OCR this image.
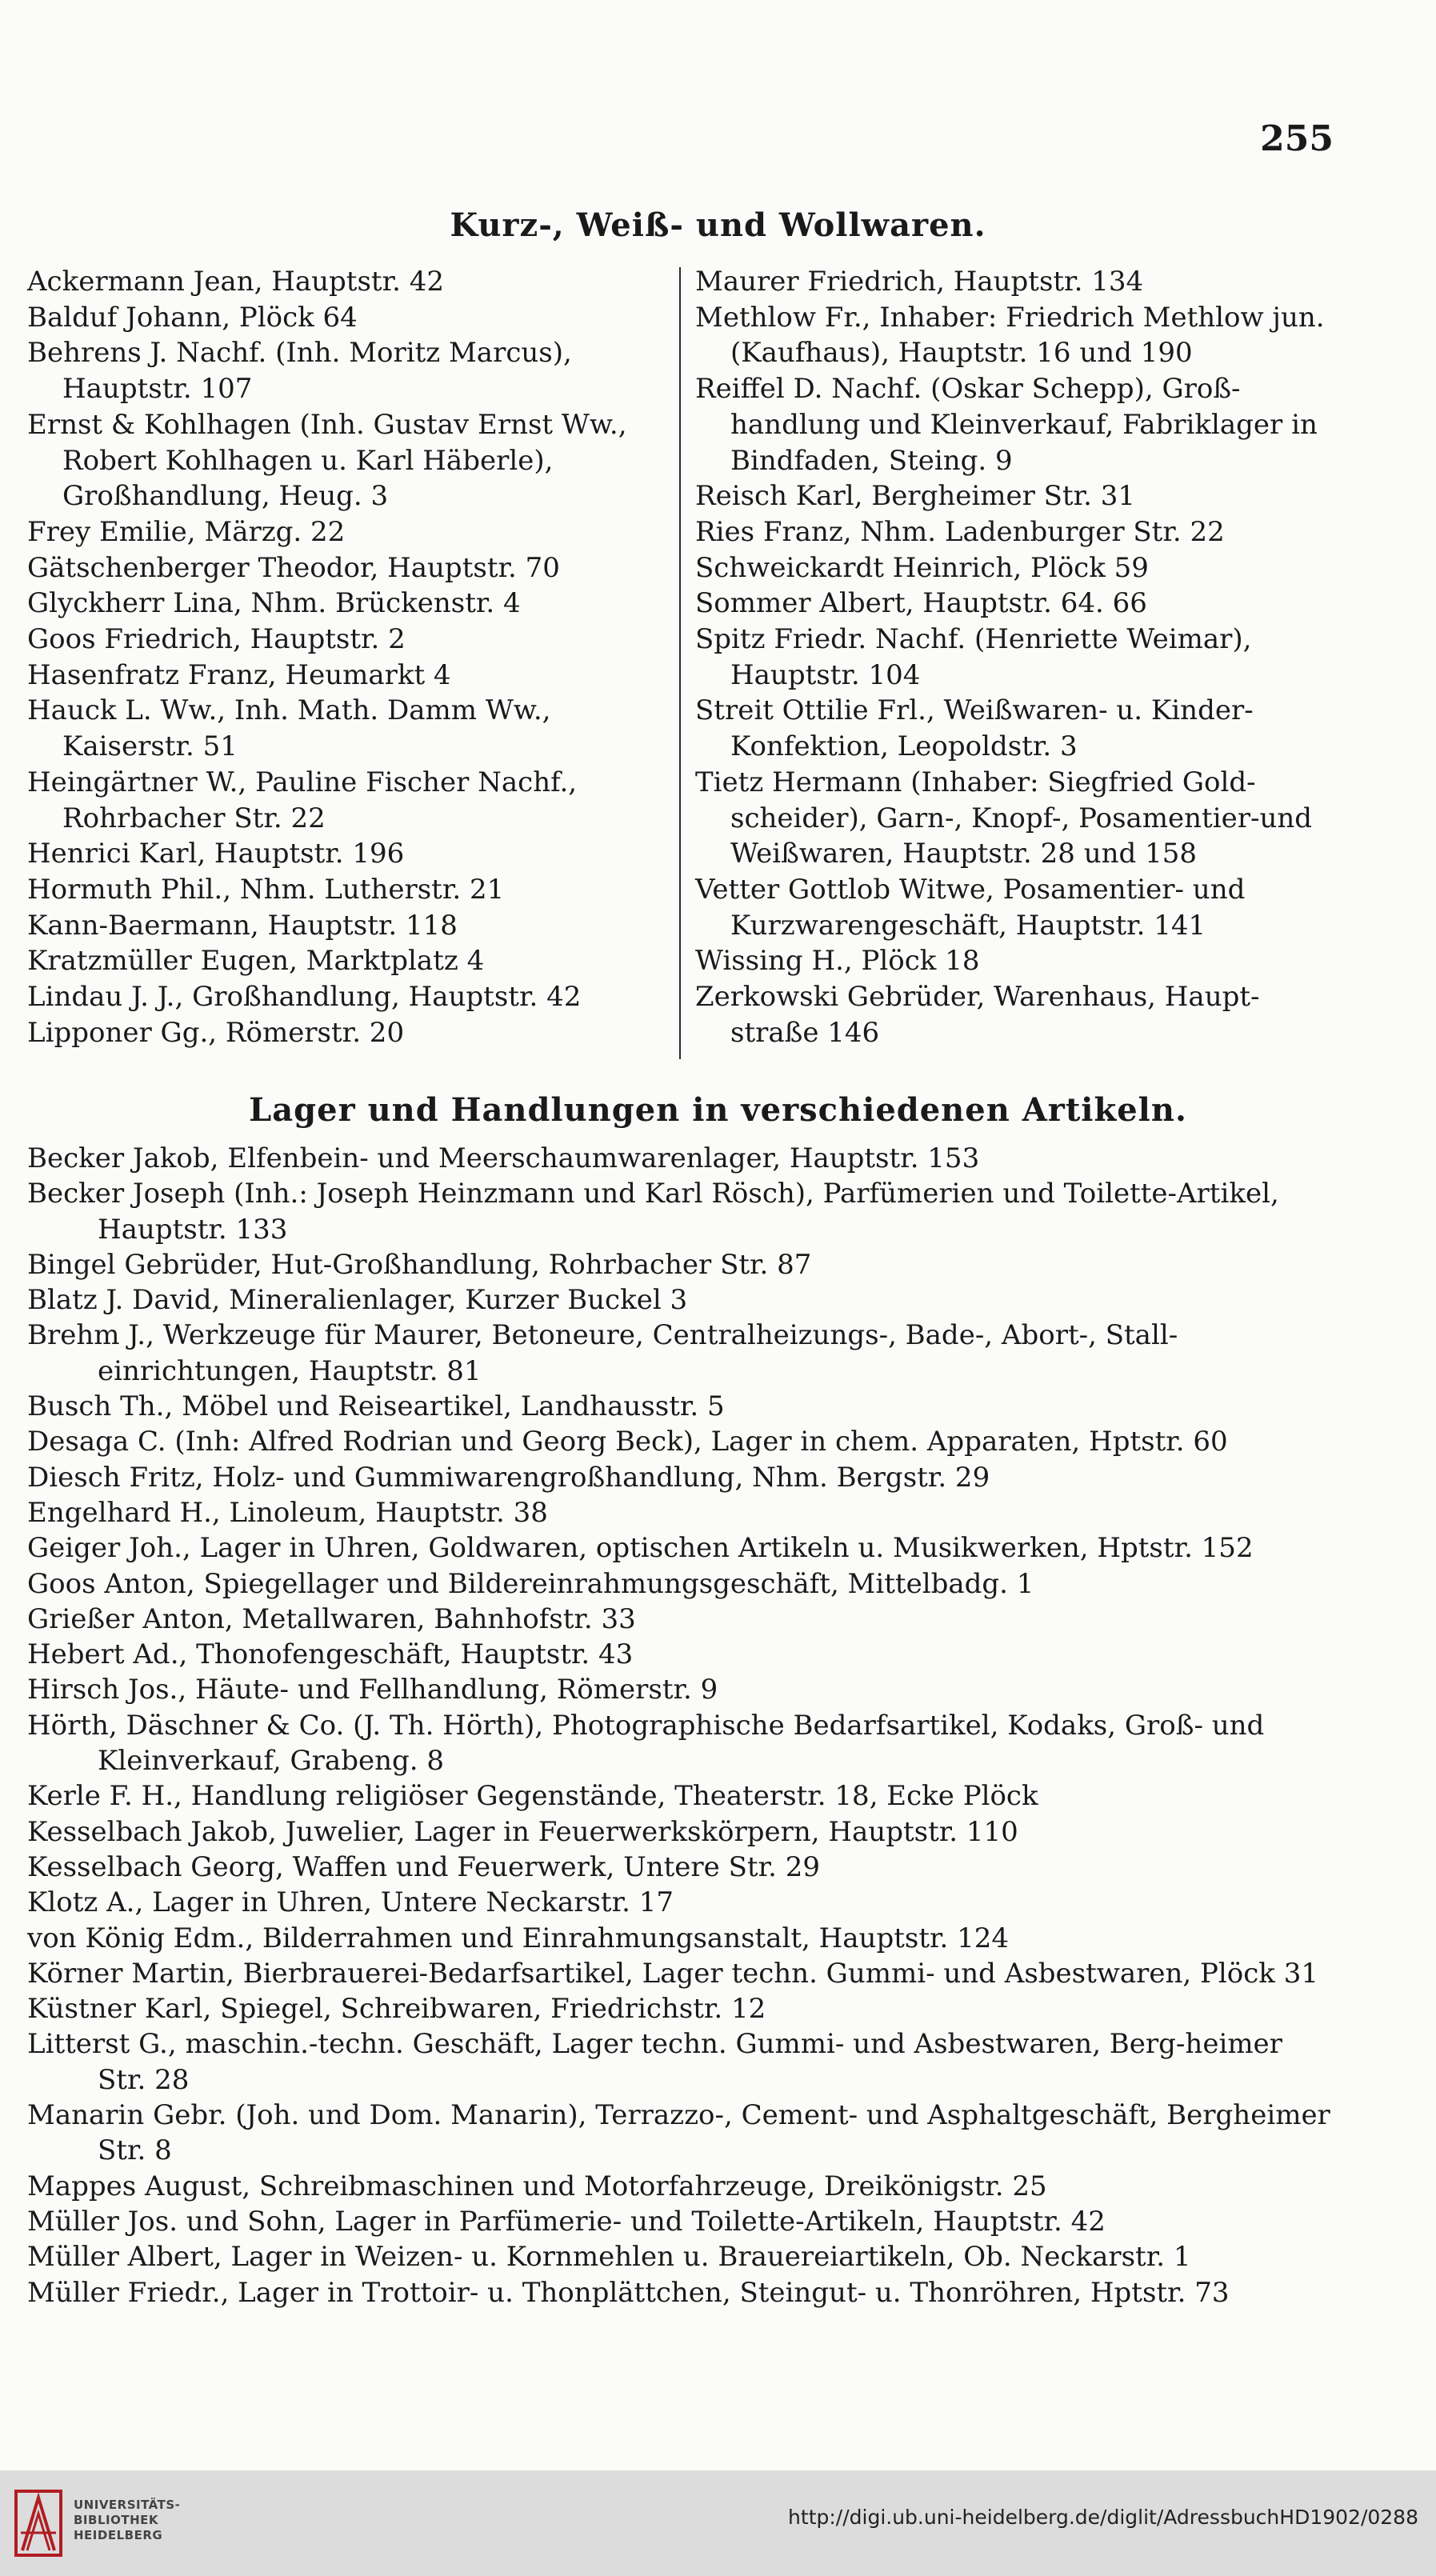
255
Kurz-, Weiß- und Wollwaren.
Ackermann Jean, Hauptstr. 42
Balduf Johann, Plöck 64
Behrens J. Nachf. (Inh. Moritz Marcus), Hauptstr. 107
Ernst & Kohlhagen (Inh. Gustav Ernst Ww., Robert Kohlhagen u. Karl Häberle), Großhandlung, Heug. 3
Frey Emilie, Märzg. 22
Gätschenberger Theodor, Hauptstr. 70
Glyckherr Lina, Nhm. Brückenstr. 4
Goos Friedrich, Hauptstr. 2
Hasenfratz Franz, Heumarkt 4
Hauck L. Ww., Inh. Math. Damm Ww., Kaiserstr. 51
Heingärtner W., Pauline Fischer Nachf., Rohrbacher Str. 22
Henrici Karl, Hauptstr. 196
Hormuth Phil., Nhm. Lutherstr. 21
Kann-Baermann, Hauptstr. 118
Kratzmüller Eugen, Marktplatz 4
Lindau J. J., Großhandlung, Hauptstr. 42
Lipponer Gg., Römerstr. 20
Maurer Friedrich, Hauptstr. 134
Methlow Fr., Inhaber: Friedrich Methlow jun. (Kaufhaus), Hauptstr. 16 und 190
Reiffel D. Nachf. (Oskar Schepp), Groß-handlung und Kleinverkauf, Fabriklager in Bindfaden, Steing. 9
Reisch Karl, Bergheimer Str. 31
Ries Franz, Nhm. Ladenburger Str. 22
Schweickardt Heinrich, Plöck 59
Sommer Albert, Hauptstr. 64. 66
Spitz Friedr. Nachf. (Henriette Weimar), Hauptstr. 104
Streit Ottilie Frl., Weißwaren- u. Kinder-Konfektion, Leopoldstr. 3
Tietz Hermann (Inhaber: Siegfried Gold-scheider), Garn-, Knopf-, Posamentier-und Weißwaren, Hauptstr. 28 und 158
Vetter Gottlob Witwe, Posamentier- und Kurzwarengeschäft, Hauptstr. 141
Wissing H., Plöck 18
Zerkowski Gebrüder, Warenhaus, Haupt-straße 146
Lager und Handlungen in verschiedenen Artikeln.
Becker Jakob, Elfenbein- und Meerschaumwarenlager, Hauptstr. 153
Becker Joseph (Inh.: Joseph Heinzmann und Karl Rösch), Parfümerien und Toilette-Artikel, Hauptstr. 133
Bingel Gebrüder, Hut-Großhandlung, Rohrbacher Str. 87
Blatz J. David, Mineralienlager, Kurzer Buckel 3
Brehm J., Werkzeuge für Maurer, Betoneure, Centralheizungs-, Bade-, Abort-, Stall-einrichtungen, Hauptstr. 81
Busch Th., Möbel und Reiseartikel, Landhausstr. 5
Desaga C. (Inh: Alfred Rodrian und Georg Beck), Lager in chem. Apparaten, Hptstr. 60
Diesch Fritz, Holz- und Gummiwarengroßhandlung, Nhm. Bergstr. 29
Engelhard H., Linoleum, Hauptstr. 38
Geiger Joh., Lager in Uhren, Goldwaren, optischen Artikeln u. Musikwerken, Hptstr. 152
Goos Anton, Spiegellager und Bildereinrahmungsgeschäft, Mittelbadg. 1
Grießer Anton, Metallwaren, Bahnhofstr. 33
Hebert Ad., Thonofengeschäft, Hauptstr. 43
Hirsch Jos., Häute- und Fellhandlung, Römerstr. 9
Hörth, Däschner & Co. (J. Th. Hörth), Photographische Bedarfsartikel, Kodaks, Groß- und Kleinverkauf, Grabeng. 8
Kerle F. H., Handlung religiöser Gegenstände, Theaterstr. 18, Ecke Plöck
Kesselbach Jakob, Juwelier, Lager in Feuerwerkskörpern, Hauptstr. 110
Kesselbach Georg, Waffen und Feuerwerk, Untere Str. 29
Klotz A., Lager in Uhren, Untere Neckarstr. 17
von König Edm., Bilderrahmen und Einrahmungsanstalt, Hauptstr. 124
Körner Martin, Bierbrauerei-Bedarfsartikel, Lager techn. Gummi- und Asbestwaren, Plöck 31
Küstner Karl, Spiegel, Schreibwaren, Friedrichstr. 12
Litterst G., maschin.-techn. Geschäft, Lager techn. Gummi- und Asbestwaren, Berg-heimer Str. 28
Manarin Gebr. (Joh. und Dom. Manarin), Terrazzo-, Cement- und Asphaltgeschäft, Bergheimer Str. 8
Mappes August, Schreibmaschinen und Motorfahrzeuge, Dreikönigstr. 25
Müller Jos. und Sohn, Lager in Parfümerie- und Toilette-Artikeln, Hauptstr. 42
Müller Albert, Lager in Weizen- u. Kornmehlen u. Brauereiartikeln, Ob. Neckarstr. 1
Müller Friedr., Lager in Trottoir- u. Thonplättchen, Steingut- u. Thonröhren, Hptstr. 73
UNIVERSITÄTS-
BIBLIOTHEK
HEIDELBERG
http://digi.ub.uni-heidelberg.de/diglit/AdressbuchHD1902/0288
